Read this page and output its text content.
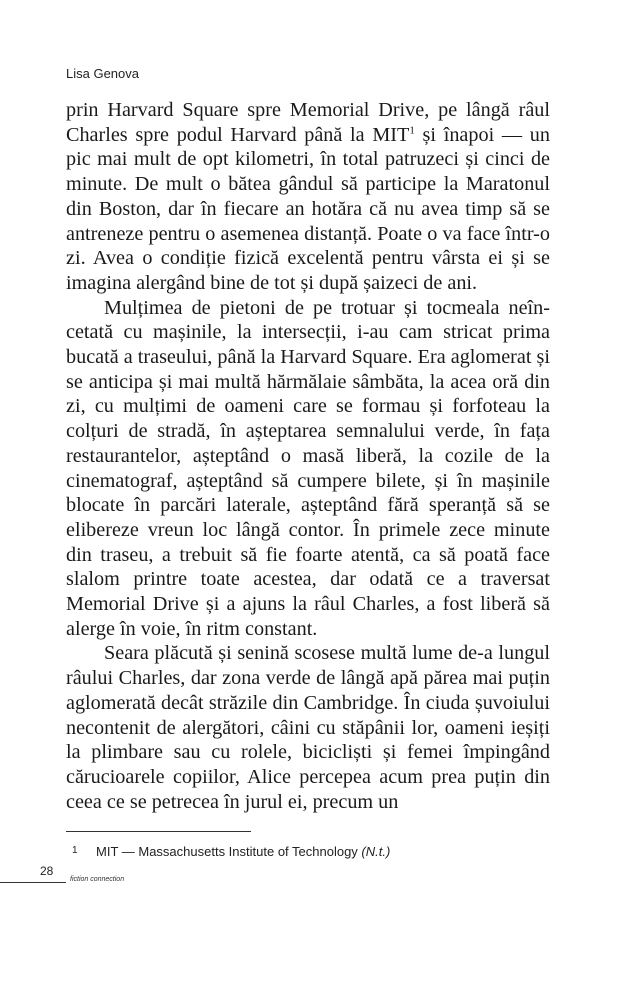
Lisa Genova

prin Harvard Square spre Memorial Drive, pe lângă râul Charles spre podul Harvard până la MIT$^1$ și înapoi — un pic mai mult de opt kilometri, în total patruzeci și cinci de minute. De mult o bătea gândul să participe la Maratonul din Boston, dar în fiecare an hotăra că nu avea timp să se antreneze pentru o asemenea distanță. Poate o va face într-o zi. Avea o condiție fizică excelentă pentru vârsta ei și se imagina alergând bine de tot și după șaizeci de ani.

Mulțimea de pietoni de pe trotuar și tocmeala neîncetată cu mașinile, la intersecții, i-au cam stricat prima bucată a traseului, până la Harvard Square. Era aglomerat și se anticipa și mai multă hărmălaie sâmbăta, la acea oră din zi, cu mulțimi de oameni care se formau și forfoteau la colțuri de stradă, în așteptarea semnalului verde, în fața restaurantelor, așteptând o masă liberă, la cozile de la cinematograf, așteptând să cumpere bilete, și în mașinile blocate în parcări laterale, așteptând fără speranță să se elibereze vreun loc lângă contor. În primele zece minute din traseu, a trebuit să fie foarte atentă, ca să poată face slalom printre toate acestea, dar odată ce a traversat Memorial Drive și a ajuns la râul Charles, a fost liberă să alerge în voie, în ritm constant.

Seara plăcută și senină scosese multă lume de-a lungul râului Charles, dar zona verde de lângă apă părea mai puțin aglomerată decât străzile din Cambridge. În ciuda șuvoiului necontenit de alergători, câini cu stăpânii lor, oameni ieșiți la plimbare sau cu rolele, bicicliști și femei împingând cărucioarele copiilor, Alice percepea acum prea puțin din ceea ce se petrecea în jurul ei, precum un

1 MIT — Massachusetts Institute of Technology (N.t.)
28
fiction connection
